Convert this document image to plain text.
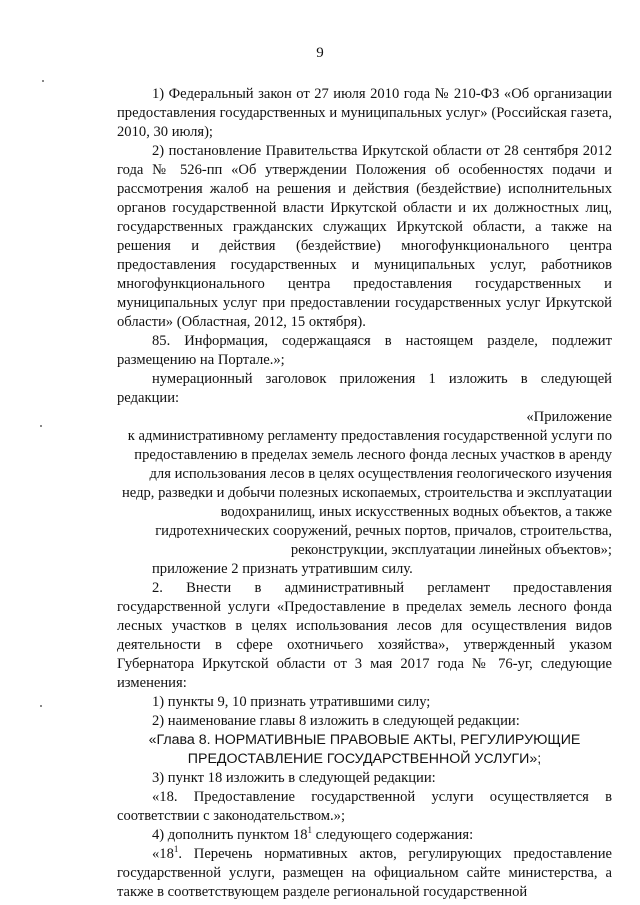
9

1) Федеральный закон от 27 июля 2010 года № 210-ФЗ «Об организации предоставления государственных и муниципальных услуг» (Российская газета, 2010, 30 июля);

2) постановление Правительства Иркутской области от 28 сентября 2012 года № 526-пп «Об утверждении Положения об особенностях подачи и рассмотрения жалоб на решения и действия (бездействие) исполнительных органов государственной власти Иркутской области и их должностных лиц, государственных гражданских служащих Иркутской области, а также на решения и действия (бездействие) многофункционального центра предоставления государственных и муниципальных услуг, работников многофункционального центра предоставления государственных и муниципальных услуг при предоставлении государственных услуг Иркутской области» (Областная, 2012, 15 октября).

85. Информация, содержащаяся в настоящем разделе, подлежит размещению на Портале.»;

нумерационный заголовок приложения 1 изложить в следующей редакции:

«Приложение

к административному регламенту предоставления государственной услуги по предоставлению в пределах земель лесного фонда лесных участков в аренду для использования лесов в целях осуществления геологического изучения недр, разведки и добычи полезных ископаемых, строительства и эксплуатации водохранилищ, иных искусственных водных объектов, а также гидротехнических сооружений, речных портов, причалов, строительства, реконструкции, эксплуатации линейных объектов»;

приложение 2 признать утратившим силу.

2. Внести в административный регламент предоставления государственной услуги «Предоставление в пределах земель лесного фонда лесных участков в целях использования лесов для осуществления видов деятельности в сфере охотничьего хозяйства», утвержденный указом Губернатора Иркутской области от 3 мая 2017 года № 76-уг, следующие изменения:

1) пункты 9, 10 признать утратившими силу;

2) наименование главы 8 изложить в следующей редакции:

«Глава 8. НОРМАТИВНЫЕ ПРАВОВЫЕ АКТЫ, РЕГУЛИРУЮЩИЕ ПРЕДОСТАВЛЕНИЕ ГОСУДАРСТВЕННОЙ УСЛУГИ»;

3) пункт 18 изложить в следующей редакции:

«18. Предоставление государственной услуги осуществляется в соответствии с законодательством.»;

4) дополнить пунктом $18^1$ следующего содержания:

«$18^1$. Перечень нормативных актов, регулирующих предоставление государственной услуги, размещен на официальном сайте министерства, а также в соответствующем разделе региональной государственной
